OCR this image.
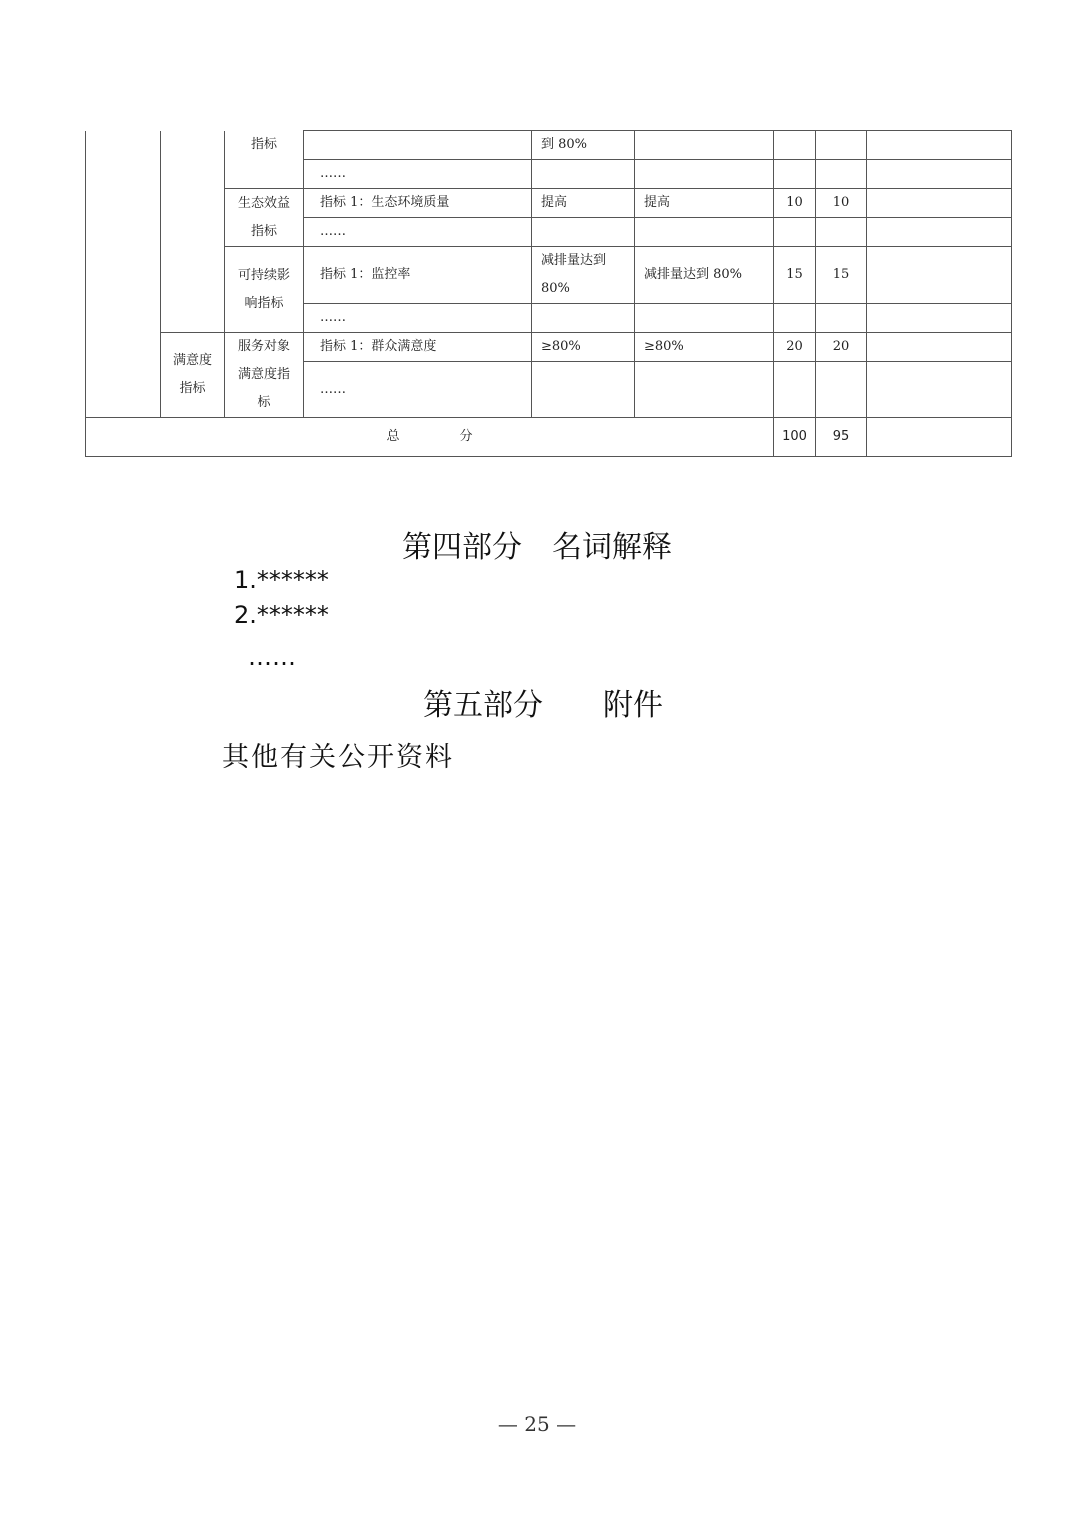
		指标		到 80%				
			……					
		生态效益指标	指标 1：生态环境质量	提高	提高	10	10	
			……					
		可持续影响指标	指标 1：监控率	减排量达到80%	减排量达到 80%	15	15	
			……					
	满意度指标	服务对象满意度指标	指标 1：群众满意度	≥80%	≥80%	20	20	
			……					
总分						100	95	
第四部分　名词解释
1.******
2.******
……
第五部分　　附件
其他有关公开资料
— 25 —
